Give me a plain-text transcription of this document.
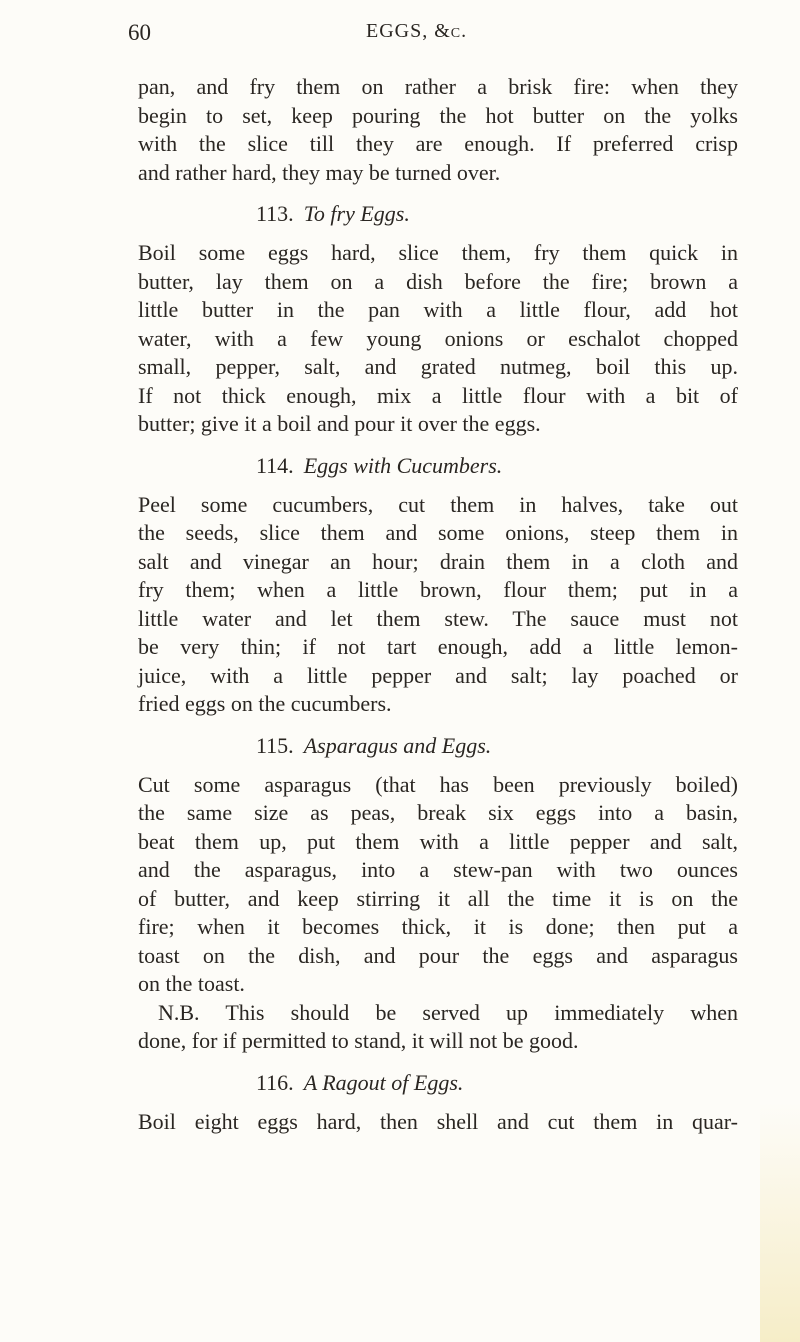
60	EGGS, &c.

pan, and fry them on rather a brisk fire: when they

begin to set, keep pouring the hot butter on the yolks

with the slice till they are enough. If preferred crisp

and rather hard, they may be turned over.

113. To fry Eggs.

Boil some eggs hard, slice them, fry them quick in

butter, lay them on a dish before the fire; brown a

little butter in the pan with a little flour, add hot

water, with a few young onions or eschalot chopped

small, pepper, salt, and grated nutmeg, boil this up.

If not thick enough, mix a little flour with a bit of

butter; give it a boil and pour it over the eggs.

114. Eggs with Cucumbers.

Peel some cucumbers, cut them in halves, take out

the seeds, slice them and some onions, steep them in

salt and vinegar an hour; drain them in a cloth and

fry them; when a little brown, flour them; put in a

little water and let them stew. The sauce must not

be very thin; if not tart enough, add a little lemon-

juice, with a little pepper and salt; lay poached or

fried eggs on the cucumbers.

115. Asparagus and Eggs.

Cut some asparagus (that has been previously boiled)

the same size as peas, break six eggs into a basin,

beat them up, put them with a little pepper and salt,

and the asparagus, into a stew-pan with two ounces

of butter, and keep stirring it all the time it is on the

fire; when it becomes thick, it is done; then put a

toast on the dish, and pour the eggs and asparagus

on the toast.

N.B. This should be served up immediately when

done, for if permitted to stand, it will not be good.

116. A Ragout of Eggs.

Boil eight eggs hard, then shell and cut them in quar-
